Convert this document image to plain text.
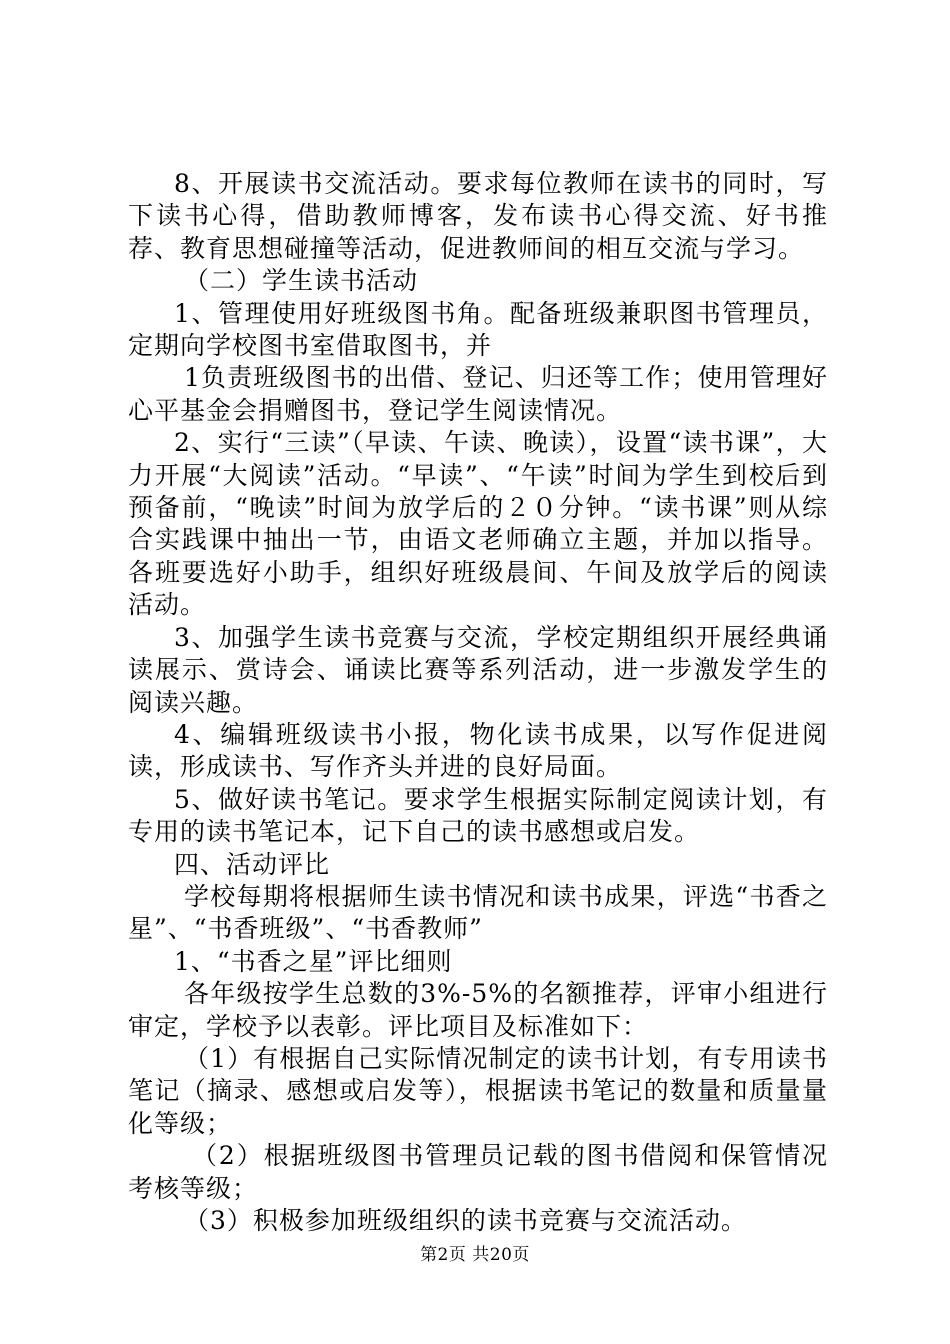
8、开展读书交流活动。要求每位教师在读书的同时，写下读书心得，借助教师博客，发布读书心得交流、好书推荐、教育思想碰撞等活动，促进教师间的相互交流与学习。

（二）学生读书活动

1、管理使用好班级图书角。配备班级兼职图书管理员，定期向学校图书室借取图书，并

1负责班级图书的出借、登记、归还等工作；使用管理好心平基金会捐赠图书，登记学生阅读情况。

2、实行“三读”（早读、午读、晚读），设置“读书课”，大力开展“大阅读”活动。“早读”、“午读”时间为学生到校后到预备前，“晚读”时间为放学后的２０分钟。“读书课”则从综合实践课中抽出一节，由语文老师确立主题，并加以指导。各班要选好小助手，组织好班级晨间、午间及放学后的阅读活动。

3、加强学生读书竞赛与交流，学校定期组织开展经典诵读展示、赏诗会、诵读比赛等系列活动，进一步激发学生的阅读兴趣。

4、编辑班级读书小报，物化读书成果，以写作促进阅读，形成读书、写作齐头并进的良好局面。

5、做好读书笔记。要求学生根据实际制定阅读计划，有专用的读书笔记本，记下自己的读书感想或启发。

四、活动评比

学校每期将根据师生读书情况和读书成果，评选“书香之星”、“书香班级”、“书香教师”

1、“书香之星”评比细则

各年级按学生总数的3%-5%的名额推荐，评审小组进行审定，学校予以表彰。评比项目及标准如下：

（1）有根据自己实际情况制定的读书计划，有专用读书笔记（摘录、感想或启发等），根据读书笔记的数量和质量量化等级；

（2）根据班级图书管理员记载的图书借阅和保管情况考核等级；

（3）积极参加班级组织的读书竞赛与交流活动。

第2页 共20页
